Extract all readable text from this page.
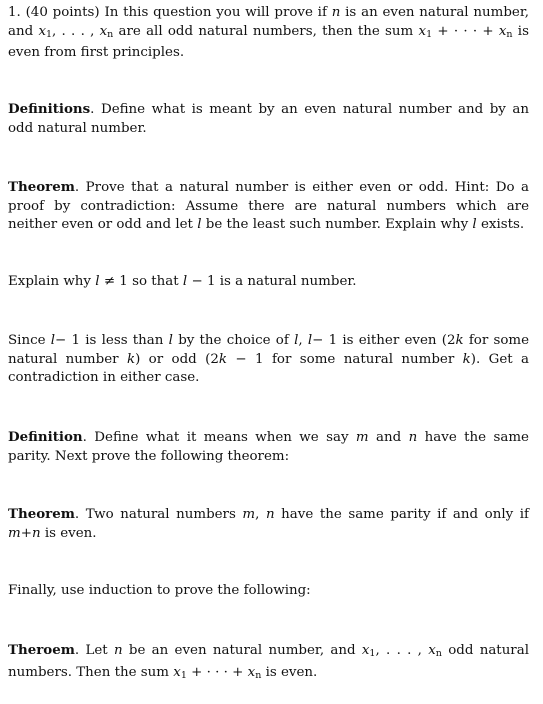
1. (40 points) In this question you will prove if n is an even natural number, and $x_1$, . . . , $x_n$ are all odd natural numbers, then the sum $x_1$ + · · · + $x_n$ is even from first principles.

Definitions. Define what is meant by an even natural number and by an odd natural number.

Theorem. Prove that a natural number is either even or odd. Hint: Do a proof by contradiction: Assume there are natural numbers which are neither even or odd and let l be the least such number. Explain why l exists.

Explain why l ≠ 1 so that l − 1 is a natural number.

Since l− 1 is less than l by the choice of l, l− 1 is either even (2k for some natural number k) or odd (2k − 1 for some natural number k). Get a contradiction in either case.

Definition. Define what it means when we say m and n have the same parity. Next prove the following theorem:

Theorem. Two natural numbers m, n have the same parity if and only if m+n is even.

Finally, use induction to prove the following:

Theroem. Let n be an even natural number, and $x_1$, . . . , $x_n$ odd natural numbers. Then the sum $x_1$ + · · · + $x_n$ is even.
